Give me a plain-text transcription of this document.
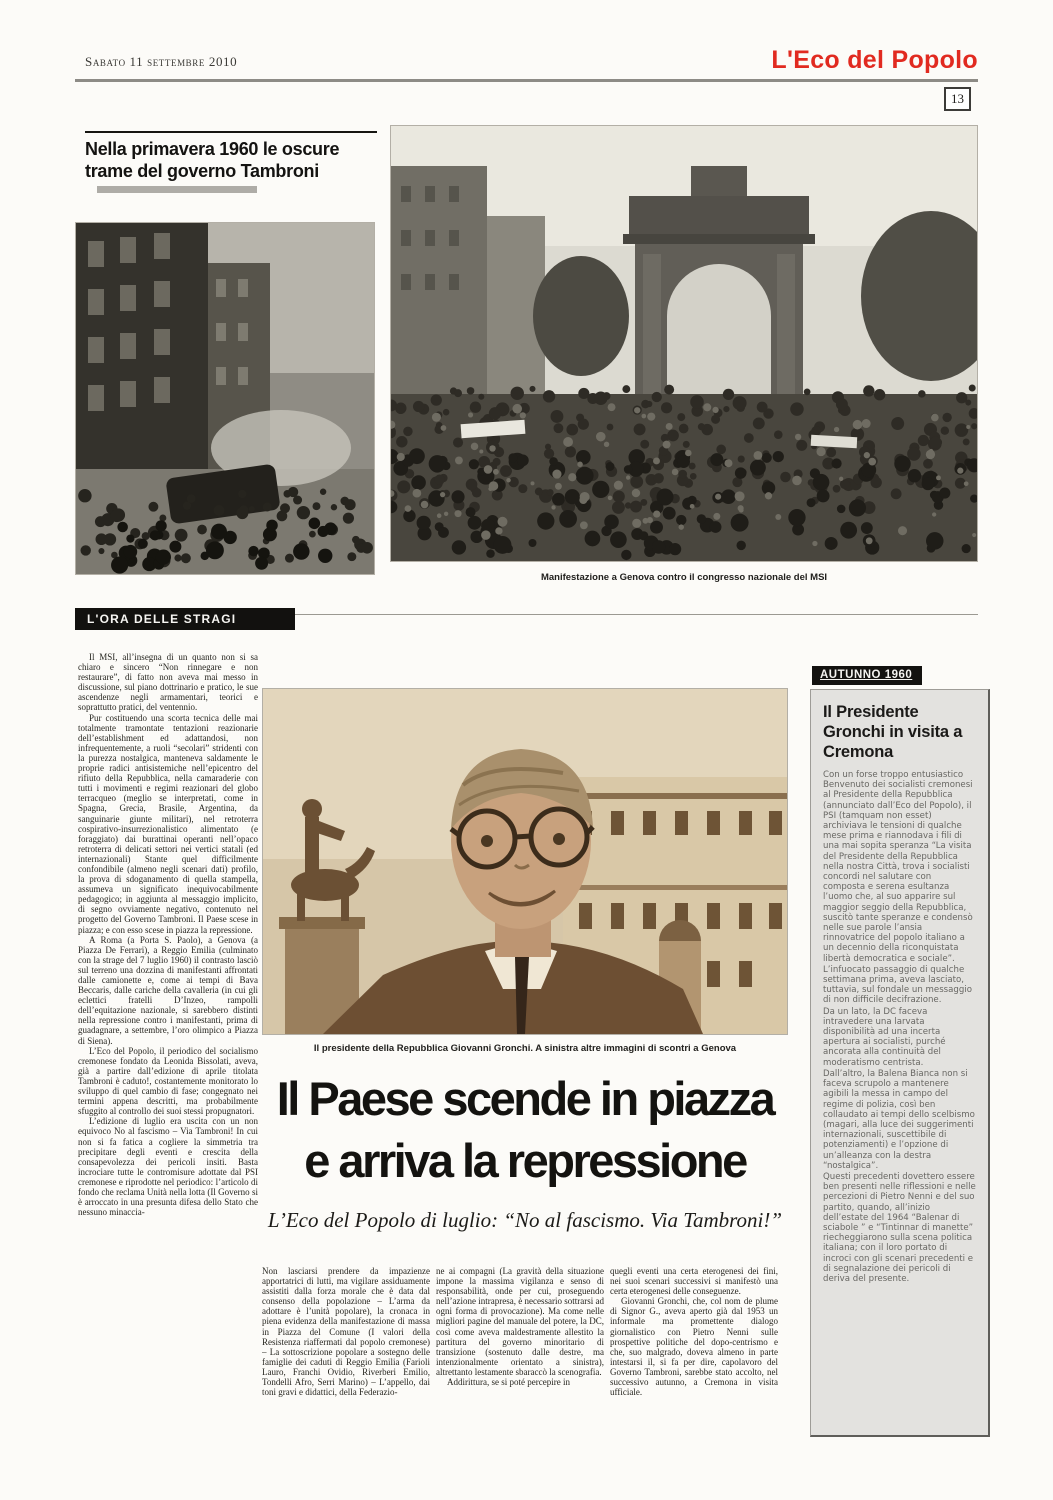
Sabato 11 settembre 2010	L'Eco del Popolo
13
Nella primavera 1960 le oscure trame del governo Tambroni
Manifestazione a Genova contro il congresso nazionale del MSI
L'ORA DELLE STRAGI

Il MSI, all’insegna di un quanto non si sa chiaro e sincero “Non rinnegare e non restaurare”, di fatto non aveva mai messo in discussione, sul piano dottrinario e pratico, le sue ascendenze negli armamentari, teorici e soprattutto pratici, del ventennio.

Pur costituendo una scorta tecnica delle mai totalmente tramontate tentazioni reazionarie dell’establishment ed adattandosi, non infrequentemente, a ruoli “secolari” stridenti con la purezza nostalgica, manteneva saldamente le proprie radici antisistemiche nell’epicentro del rifiuto della Repubblica, nella camaraderie con tutti i movimenti e regimi reazionari del globo terracqueo (meglio se interpretati, come in Spagna, Grecia, Brasile, Argentina, da sanguinarie giunte militari), nel retroterra cospirativo-insurrezionalistico alimentato (e foraggiato) dai burattinai operanti nell’opaco retroterra di delicati settori nei vertici statali (ed internazionali) Stante quel difficilmente confondibile (almeno negli scenari dati) profilo, la prova di sdoganamento di quella stampella, assumeva un significato inequivocabilmente pedagogico; in aggiunta al messaggio implicito, di segno ovviamente negativo, contenuto nel progetto del Governo Tambroni. Il Paese scese in piazza; e con esso scese in piazza la repressione.

A Roma (a Porta S. Paolo), a Genova (a Piazza De Ferrari), a Reggio Emilia (culminato con la strage del 7 luglio 1960) il contrasto lasciò sul terreno una dozzina di manifestanti affrontati dalle camionette e, come ai tempi di Bava Beccaris, dalle cariche della cavalleria (in cui gli eclettici fratelli D’Inzeo, rampolli dell’equitazione nazionale, si sarebbero distinti nella repressione contro i manifestanti, prima di guadagnare, a settembre, l’oro olimpico a Piazza di Siena).

L’Eco del Popolo, il periodico del socialismo cremonese fondato da Leonida Bissolati, aveva, già a partire dall’edizione di aprile titolata Tambroni è caduto!, costantemente monitorato lo sviluppo di quel cambio di fase; congegnato nei termini appena descritti, ma probabilmente sfuggito al controllo dei suoi stessi propugnatori.

L’edizione di luglio era uscita con un non equivoco No al fascismo – Via Tambroni! In cui non si fa fatica a cogliere la simmetria tra precipitare degli eventi e crescita della consapevolezza dei pericoli insiti. Basta incrociare tutte le contromisure adottate dal PSI cremonese e riprodotte nel periodico: l’articolo di fondo che reclama Unità nella lotta (Il Governo si è arroccato in una presunta difesa dello Stato che nessuno minaccia-

Il presidente della Repubblica Giovanni Gronchi. A sinistra altre immagini di scontri a Genova
Il Paese scende in piazza
e arriva la repressione
L’Eco del Popolo di luglio: “No al fascismo. Via Tambroni!”

Non lasciarsi prendere da impazienze apportatrici di lutti, ma vigilare assiduamente assistiti dalla forza morale che è data dal consenso della popolazione – L’arma da adottare è l’unità popolare), la cronaca in piena evidenza della manifestazione di massa in Piazza del Comune (I valori della Resistenza riaffermati dal popolo cremonese) – La sottoscrizione popolare a sostegno delle famiglie dei caduti di Reggio Emilia (Farioli Lauro, Franchi Ovidio, Riverberi Emilio, Tondelli Afro, Serri Marino) – L’appello, dai toni gravi e didattici, della Federazio-

ne ai compagni (La gravità della situazione impone la massima vigilanza e senso di responsabilità, onde per cui, proseguendo nell’azione intrapresa, è necessario sottrarsi ad ogni forma di provocazione). Ma come nelle migliori pagine del manuale del potere, la DC, così come aveva maldestramente allestito la partitura del governo minoritario di transizione (sostenuto dalle destre, ma intenzionalmente orientato a sinistra), altrettanto lestamente sbaraccò la scenografia.

Addirittura, se si poté percepire in

quegli eventi una certa eterogenesi dei fini, nei suoi scenari successivi si manifestò una certa eterogenesi delle conseguenze.

Giovanni Gronchi, che, col nom de plume di Signor G., aveva aperto già dal 1953 un informale ma promettente dialogo giornalistico con Pietro Nenni sulle prospettive politiche del dopo-centrismo e che, suo malgrado, doveva almeno in parte intestarsi il, si fa per dire, capolavoro del Governo Tambroni, sarebbe stato accolto, nel successivo autunno, a Cremona in visita ufficiale.

AUTUNNO 1960
Il Presidente Gronchi in visita a Cremona

Con un forse troppo entusiastico Benvenuto dei socialisti cremonesi al Presidente della Repubblica (annunciato dall’Eco del Popolo), il PSI (tamquam non esset) archiviava le tensioni di qualche mese prima e riannodava i fili di una mai sopita speranza “La visita del Presidente della Repubblica nella nostra Città, trova i socialisti concordi nel salutare con composta e serena esultanza l’uomo che, al suo apparire sul maggior seggio della Repubblica, suscitò tante speranze e condensò nelle sue parole l’ansia rinnovatrice del popolo italiano a un decennio della riconquistata libertà democratica e sociale”.

L’infuocato passaggio di qualche settimana prima, aveva lasciato, tuttavia, sul fondale un messaggio di non difficile decifrazione.

Da un lato, la DC faceva intravedere una larvata disponibilità ad una incerta apertura ai socialisti, purché ancorata alla continuità del moderatismo centrista.

Dall’altro, la Balena Bianca non si faceva scrupolo a mantenere agibili la messa in campo del regime di polizia, così ben collaudato ai tempi dello scelbismo (magari, alla luce dei suggerimenti internazionali, suscettibile di potenziamenti) e l’opzione di un’alleanza con la destra “nostalgica”.

Questi precedenti dovettero essere ben presenti nelle riflessioni e nelle percezioni di Pietro Nenni e del suo partito, quando, all’inizio dell’estate del 1964 “Balenar di sciabole ” e “Tintinnar di manette” riecheggiarono sulla scena politica italiana; con il loro portato di incroci con gli scenari precedenti e di segnalazione dei pericoli di deriva del presente.
